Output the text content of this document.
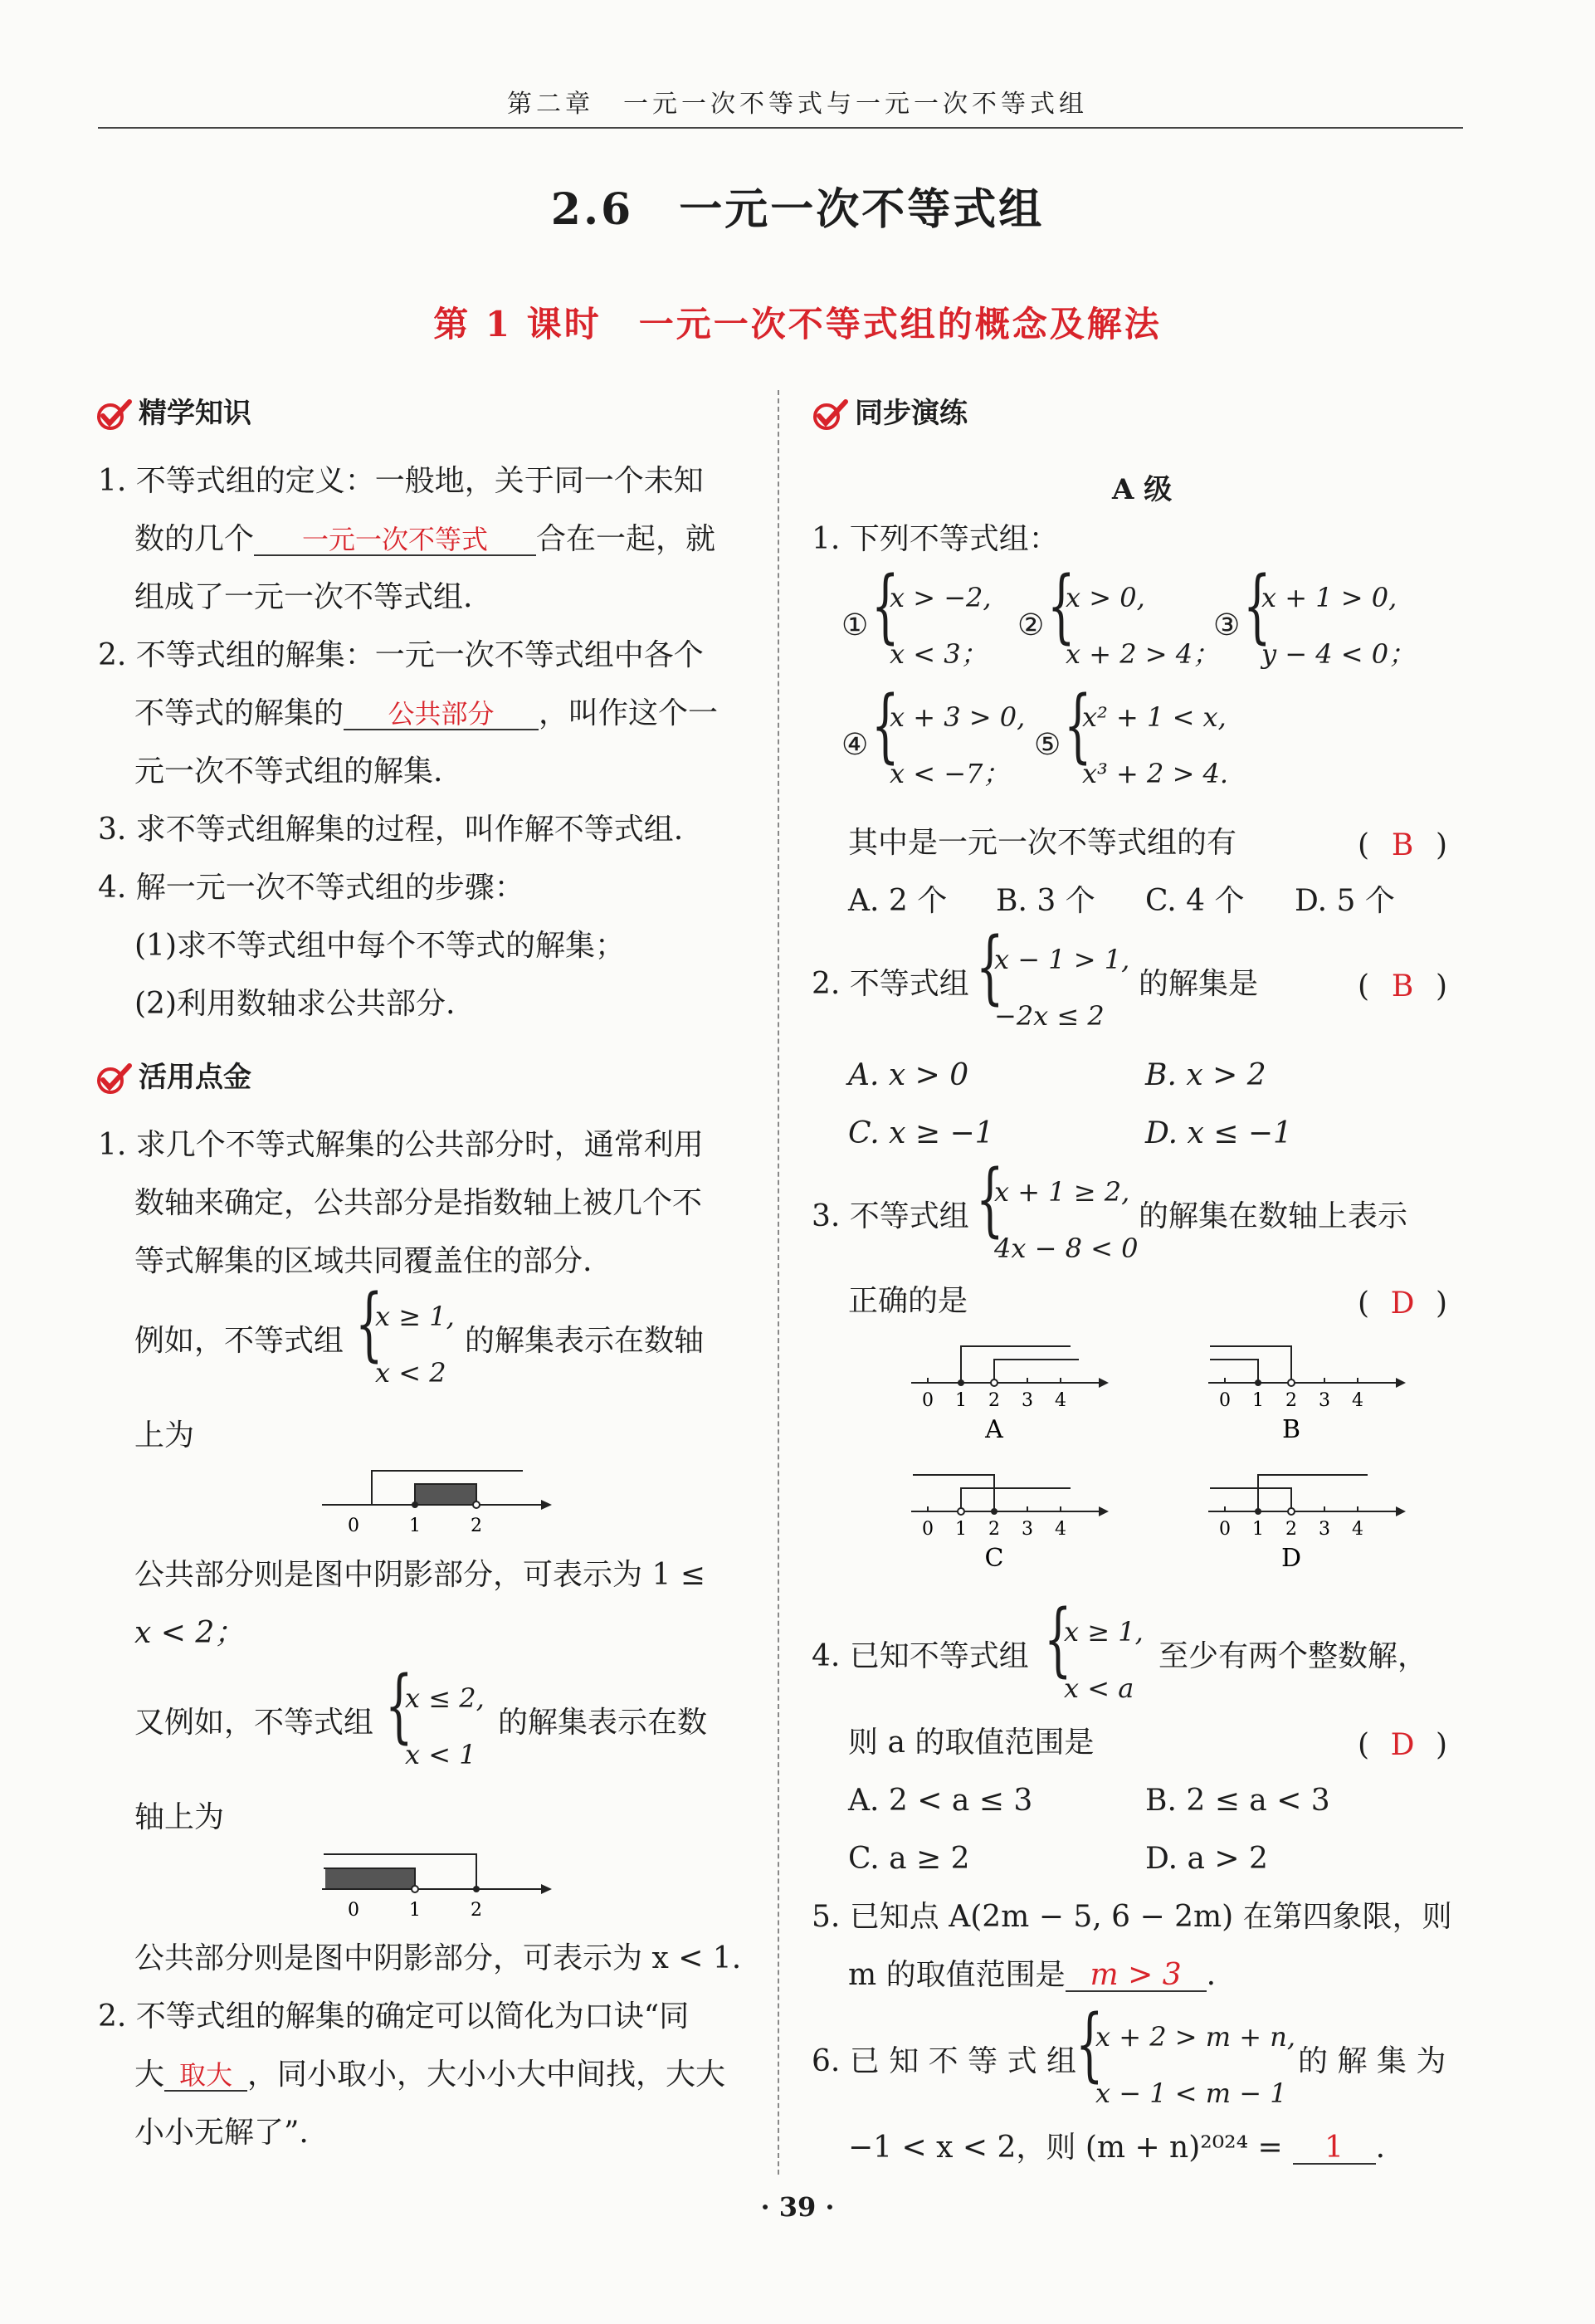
第二章　一元一次不等式与一元一次不等式组
2.6　一元一次不等式组
第 1 课时　一元一次不等式组的概念及解法
精学知识
1. 不等式组的定义：一般地，关于同一个未知
数的几个 一元一次不等式 合在一起，就
组成了一元一次不等式组.
2. 不等式组的解集：一元一次不等式组中各个
不等式的解集的 公共部分 ，叫作这个一
元一次不等式组的解集.
3. 求不等式组解集的过程，叫作解不等式组.
4. 解一元一次不等式组的步骤：
(1)求不等式组中每个不等式的解集；
(2)利用数轴求公共部分.
活用点金
1. 求几个不等式解集的公共部分时，通常利用
数轴来确定，公共部分是指数轴上被几个不
等式解集的区域共同覆盖住的部分.
例如，不等式组 {
x ≥ 1,
x < 2
的解集表示在数轴
上为
0	1	2
公共部分则是图中阴影部分，可表示为 1 ≤
x < 2；
又例如，不等式组 {
x ≤ 2,
x < 1
的解集表示在数
轴上为
0	1	2
公共部分则是图中阴影部分，可表示为 x < 1.
2. 不等式组的解集的确定可以简化为口诀“同
大 取大 ，同小取小，大小小大中间找，大大
小小无解了”.
同步演练
A 级
1. 下列不等式组：
① {
x > −2,
x < 3；
② {
x > 0,
x + 2 > 4；
③ {
x + 1 > 0,
y − 4 < 0；
④ {
x + 3 > 0,
x < −7；
⑤ {
x² + 1 < x,
x³ + 2 > 4.
其中是一元一次不等式组的有	( B )
A. 2 个 B. 3 个 C. 4 个 D. 5 个
2. 不等式组 {
x − 1 > 1,
−2x ≤ 2
的解集是	( B )
A. x > 0	B. x > 2
C. x ≥ −1	D. x ≤ −1
3. 不等式组 {
x + 1 ≥ 2,
4x − 8 < 0
的解集在数轴上表示
正确的是	( D )
0 1 2 3 4
A
0 1 2 3 4
B
0 1 2 3 4
C
0 1 2 3 4
D
4. 已知不等式组 {
x ≥ 1,
x < a
至少有两个整数解，
则 a 的取值范围是	( D )
A. 2 < a ≤ 3	B. 2 ≤ a < 3
C. a ≥ 2	D. a > 2
5. 已知点 A(2m − 5, 6 − 2m) 在第四象限，则
m 的取值范围是 m > 3 .
6. 已 知 不 等 式 组
{
x + 2 > m + n,
x − 1 < m − 1
的 解 集 为
−1 < x < 2，则 (m + n)²⁰²⁴ = 1 .
· 39 ·
